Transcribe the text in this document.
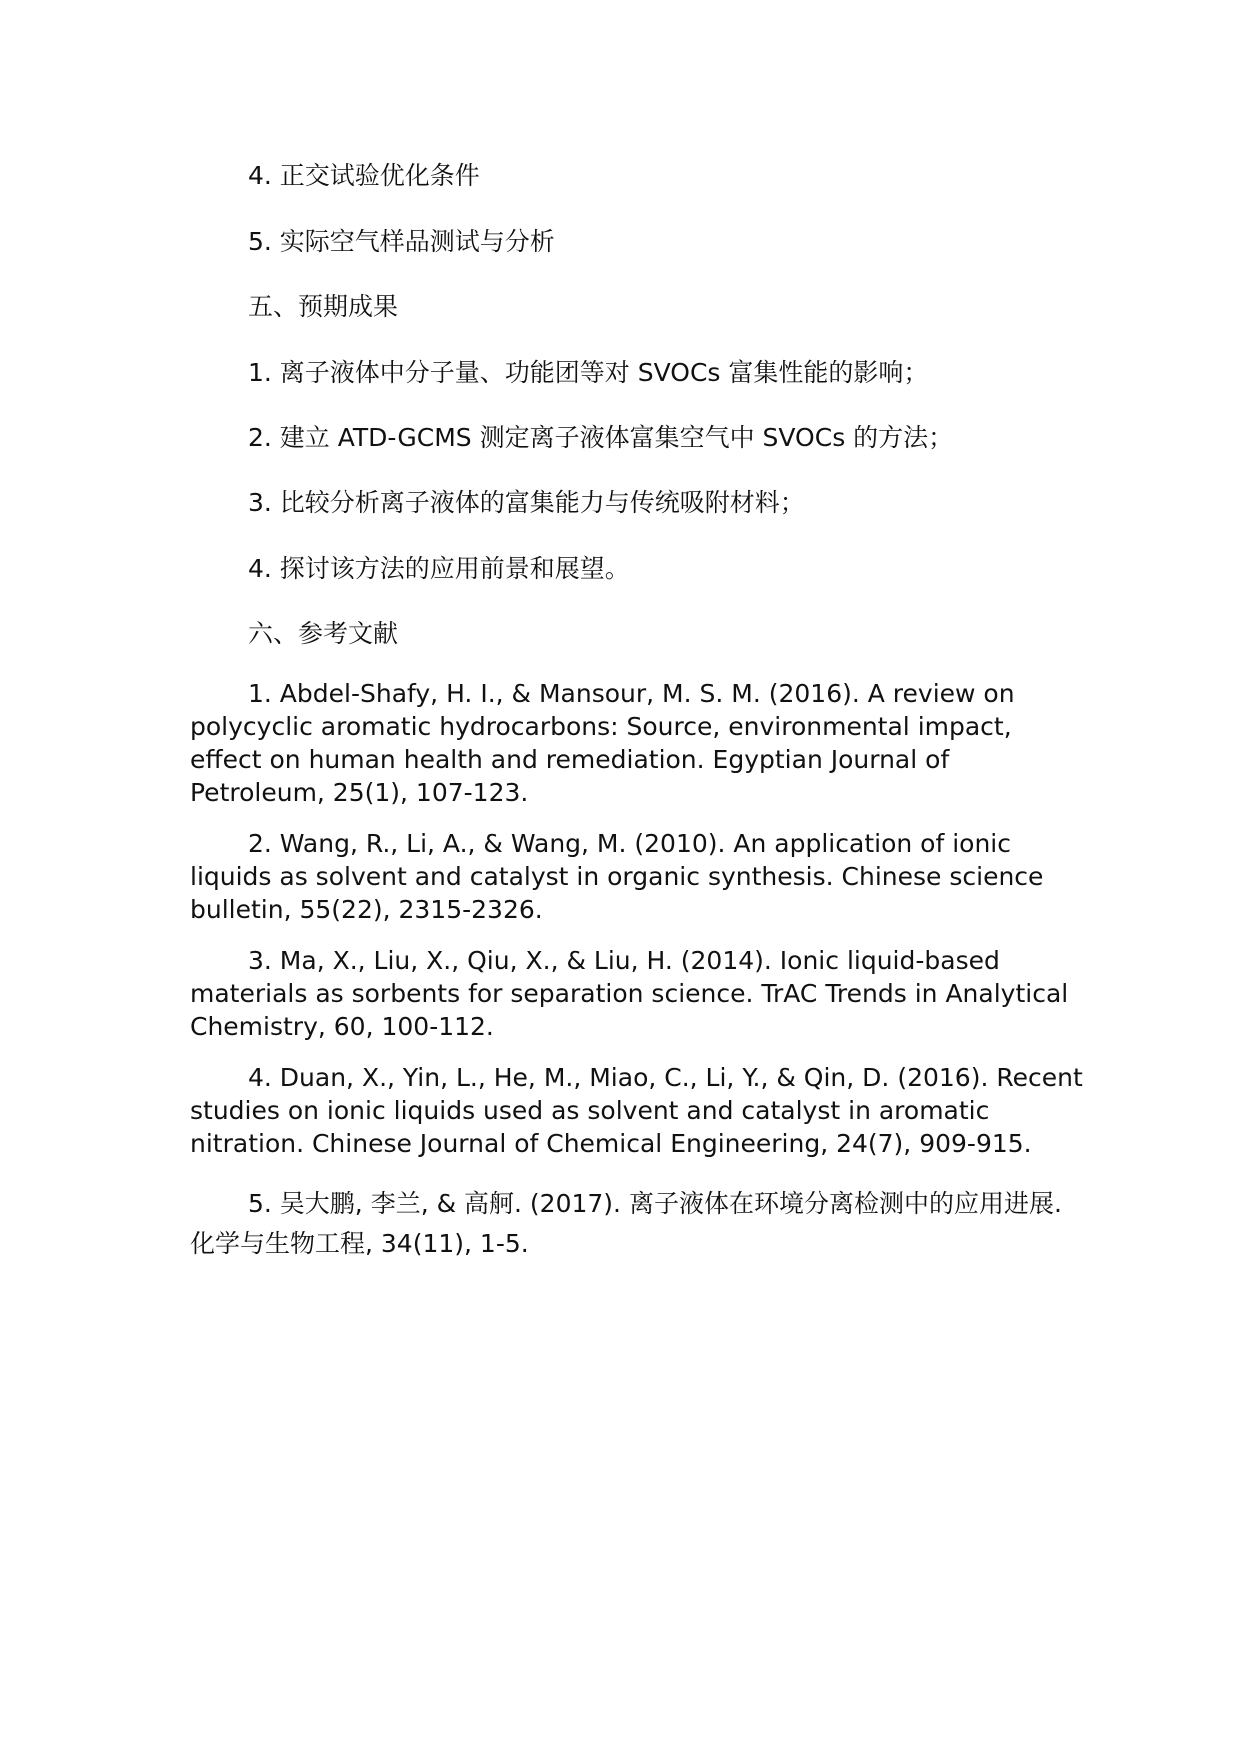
4. 正交试验优化条件
5. 实际空气样品测试与分析
五、预期成果
1. 离子液体中分子量、功能团等对 SVOCs 富集性能的影响；
2. 建立 ATD-GCMS 测定离子液体富集空气中 SVOCs 的方法；
3. 比较分析离子液体的富集能力与传统吸附材料；
4. 探讨该方法的应用前景和展望。
六、参考文献
1. Abdel-Shafy, H. I., & Mansour, M. S. M. (2016). A review on polycyclic aromatic hydrocarbons: Source, environmental impact, effect on human health and remediation. Egyptian Journal of Petroleum, 25(1), 107-123.
2. Wang, R., Li, A., & Wang, M. (2010). An application of ionic liquids as solvent and catalyst in organic synthesis. Chinese science bulletin, 55(22), 2315-2326.
3. Ma, X., Liu, X., Qiu, X., & Liu, H. (2014). Ionic liquid-based materials as sorbents for separation science. TrAC Trends in Analytical Chemistry, 60, 100-112.
4. Duan, X., Yin, L., He, M., Miao, C., Li, Y., & Qin, D. (2016). Recent studies on ionic liquids used as solvent and catalyst in aromatic nitration. Chinese Journal of Chemical Engineering, 24(7), 909-915.
5. 吴大鹏, 李兰, & 高舸. (2017). 离子液体在环境分离检测中的应用进展. 化学与生物工程, 34(11), 1-5.
